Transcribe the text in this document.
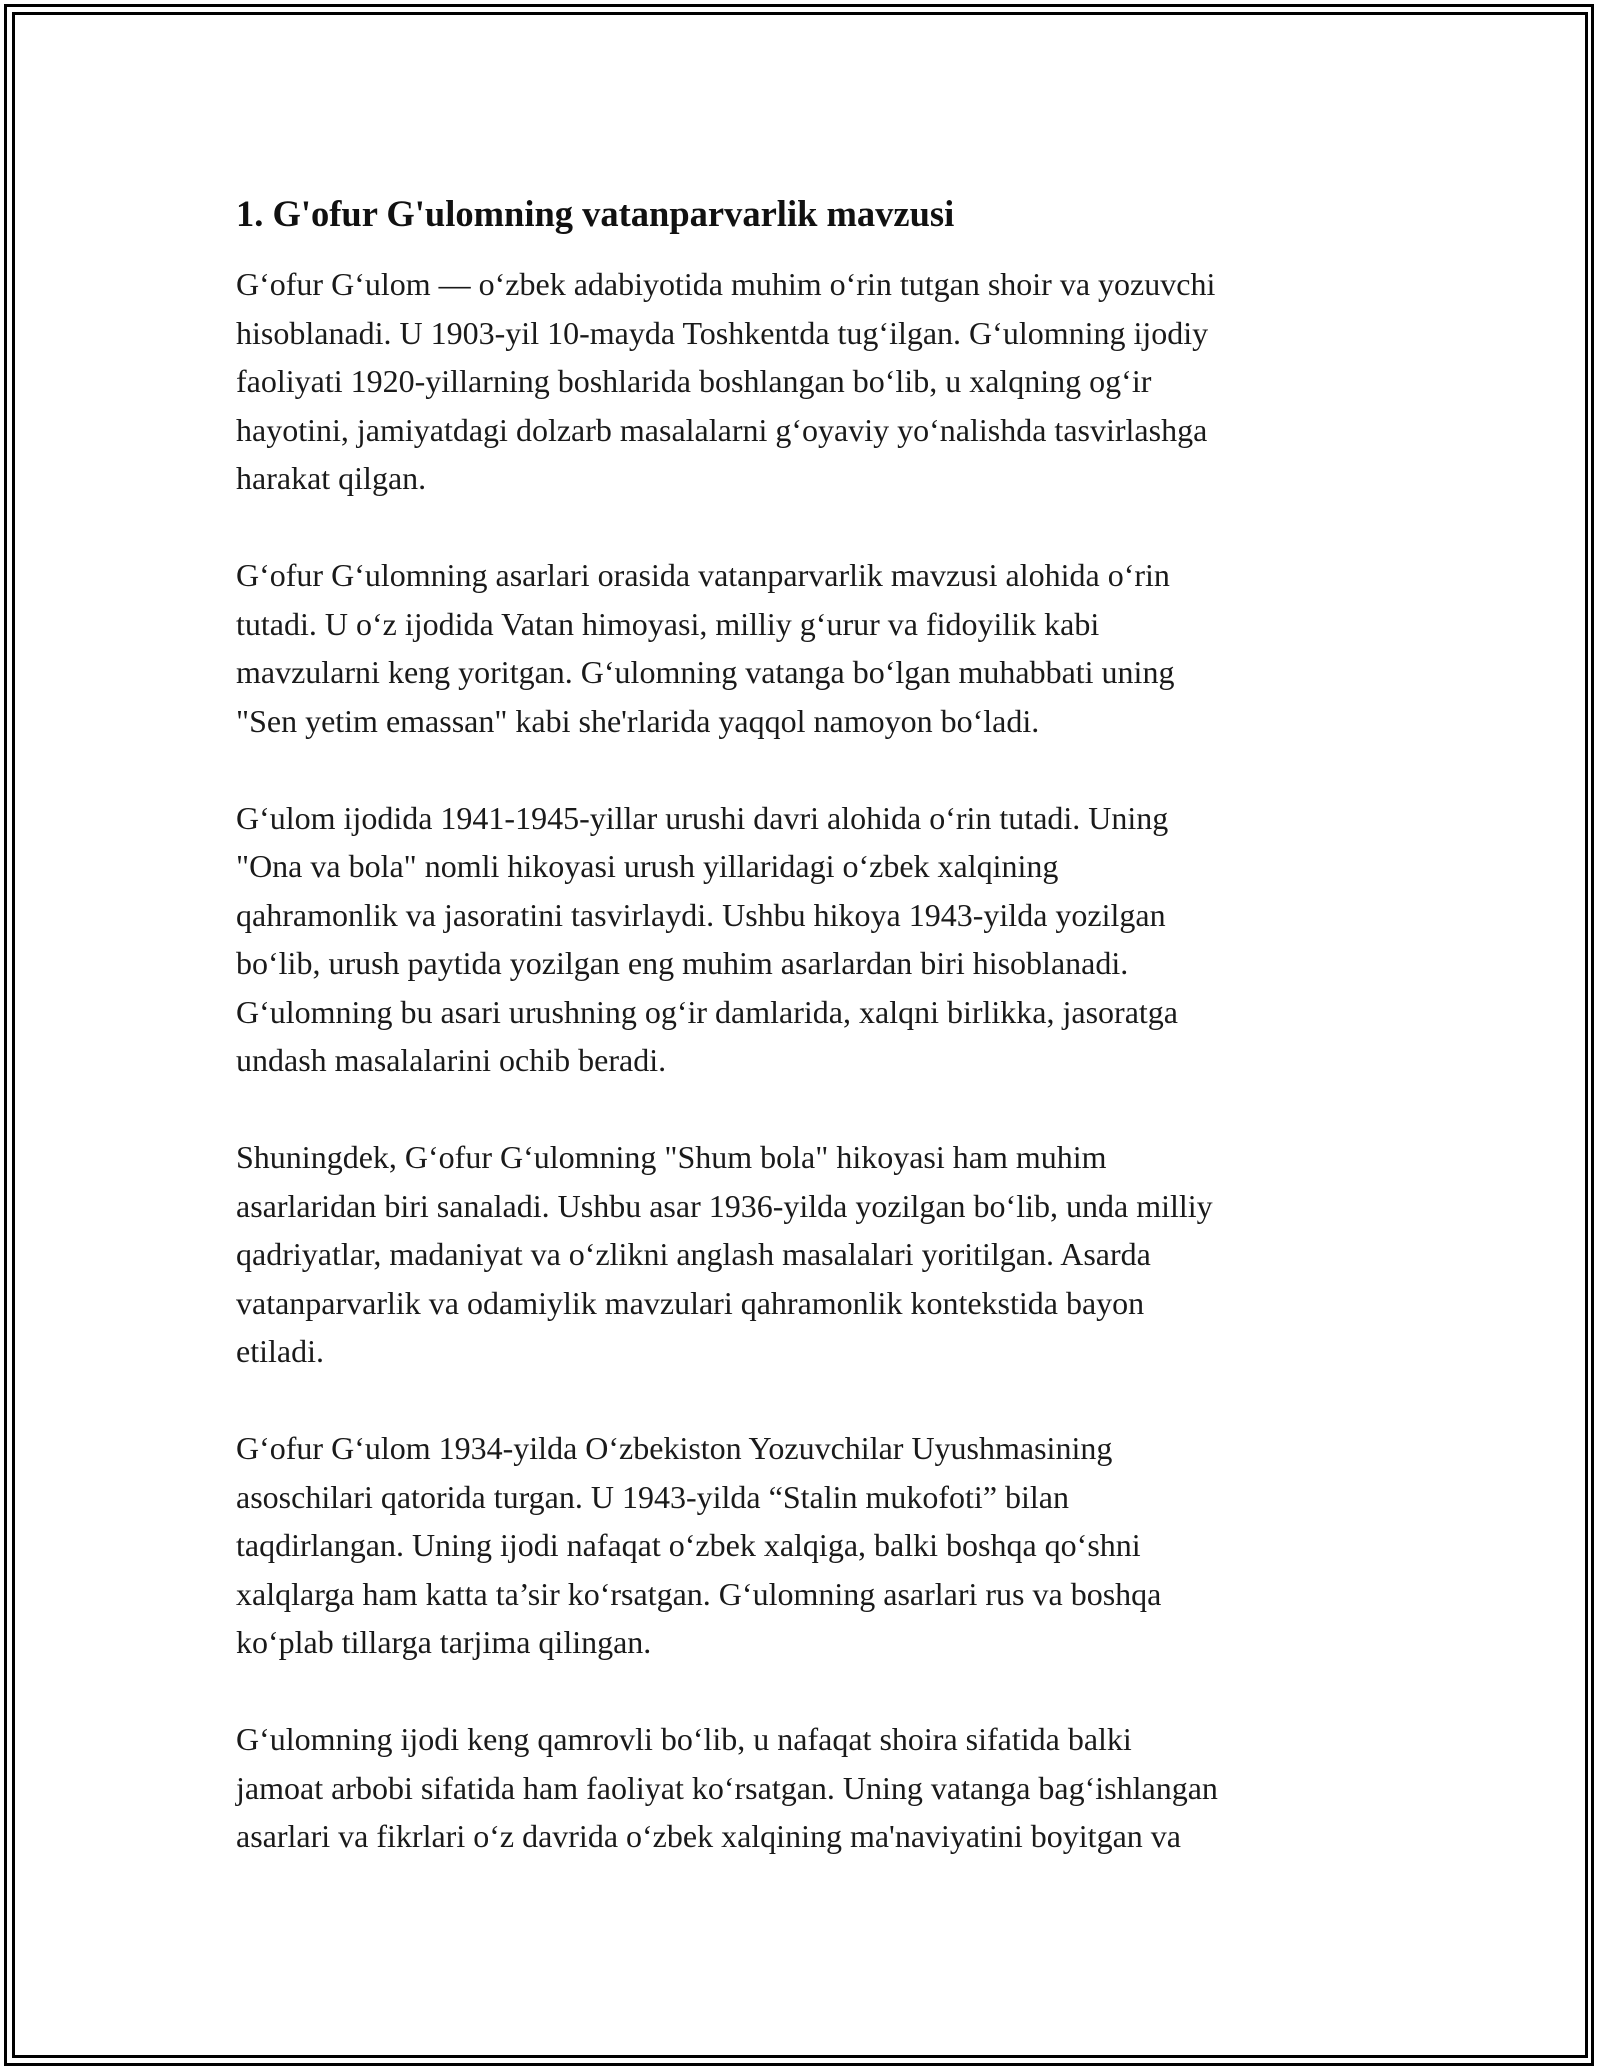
1. G'ofur G'ulomning vatanparvarlik mavzusi
G‘ofur G‘ulom — o‘zbek adabiyotida muhim o‘rin tutgan shoir va yozuvchi
hisoblanadi. U 1903-yil 10-mayda Toshkentda tug‘ilgan. G‘ulomning ijodiy
faoliyati 1920-yillarning boshlarida boshlangan bo‘lib, u xalqning og‘ir
hayotini, jamiyatdagi dolzarb masalalarni g‘oyaviy yo‘nalishda tasvirlashga
harakat qilgan.
G‘ofur G‘ulomning asarlari orasida vatanparvarlik mavzusi alohida o‘rin
tutadi. U o‘z ijodida Vatan himoyasi, milliy g‘urur va fidoyilik kabi
mavzularni keng yoritgan. G‘ulomning vatanga bo‘lgan muhabbati uning
"Sen yetim emassan" kabi she'rlarida yaqqol namoyon bo‘ladi.
G‘ulom ijodida 1941-1945-yillar urushi davri alohida o‘rin tutadi. Uning
"Ona va bola" nomli hikoyasi urush yillaridagi o‘zbek xalqining
qahramonlik va jasoratini tasvirlaydi. Ushbu hikoya 1943-yilda yozilgan
bo‘lib, urush paytida yozilgan eng muhim asarlardan biri hisoblanadi.
G‘ulomning bu asari urushning og‘ir damlarida, xalqni birlikka, jasoratga
undash masalalarini ochib beradi.
Shuningdek, G‘ofur G‘ulomning "Shum bola" hikoyasi ham muhim
asarlaridan biri sanaladi. Ushbu asar 1936-yilda yozilgan bo‘lib, unda milliy
qadriyatlar, madaniyat va o‘zlikni anglash masalalari yoritilgan. Asarda
vatanparvarlik va odamiylik mavzulari qahramonlik kontekstida bayon
etiladi.
G‘ofur G‘ulom 1934-yilda O‘zbekiston Yozuvchilar Uyushmasining
asoschilari qatorida turgan. U 1943-yilda “Stalin mukofoti” bilan
taqdirlangan. Uning ijodi nafaqat o‘zbek xalqiga, balki boshqa qo‘shni
xalqlarga ham katta ta’sir ko‘rsatgan. G‘ulomning asarlari rus va boshqa
ko‘plab tillarga tarjima qilingan.
G‘ulomning ijodi keng qamrovli bo‘lib, u nafaqat shoira sifatida balki
jamoat arbobi sifatida ham faoliyat ko‘rsatgan. Uning vatanga bag‘ishlangan
asarlari va fikrlari o‘z davrida o‘zbek xalqining ma'naviyatini boyitgan va
